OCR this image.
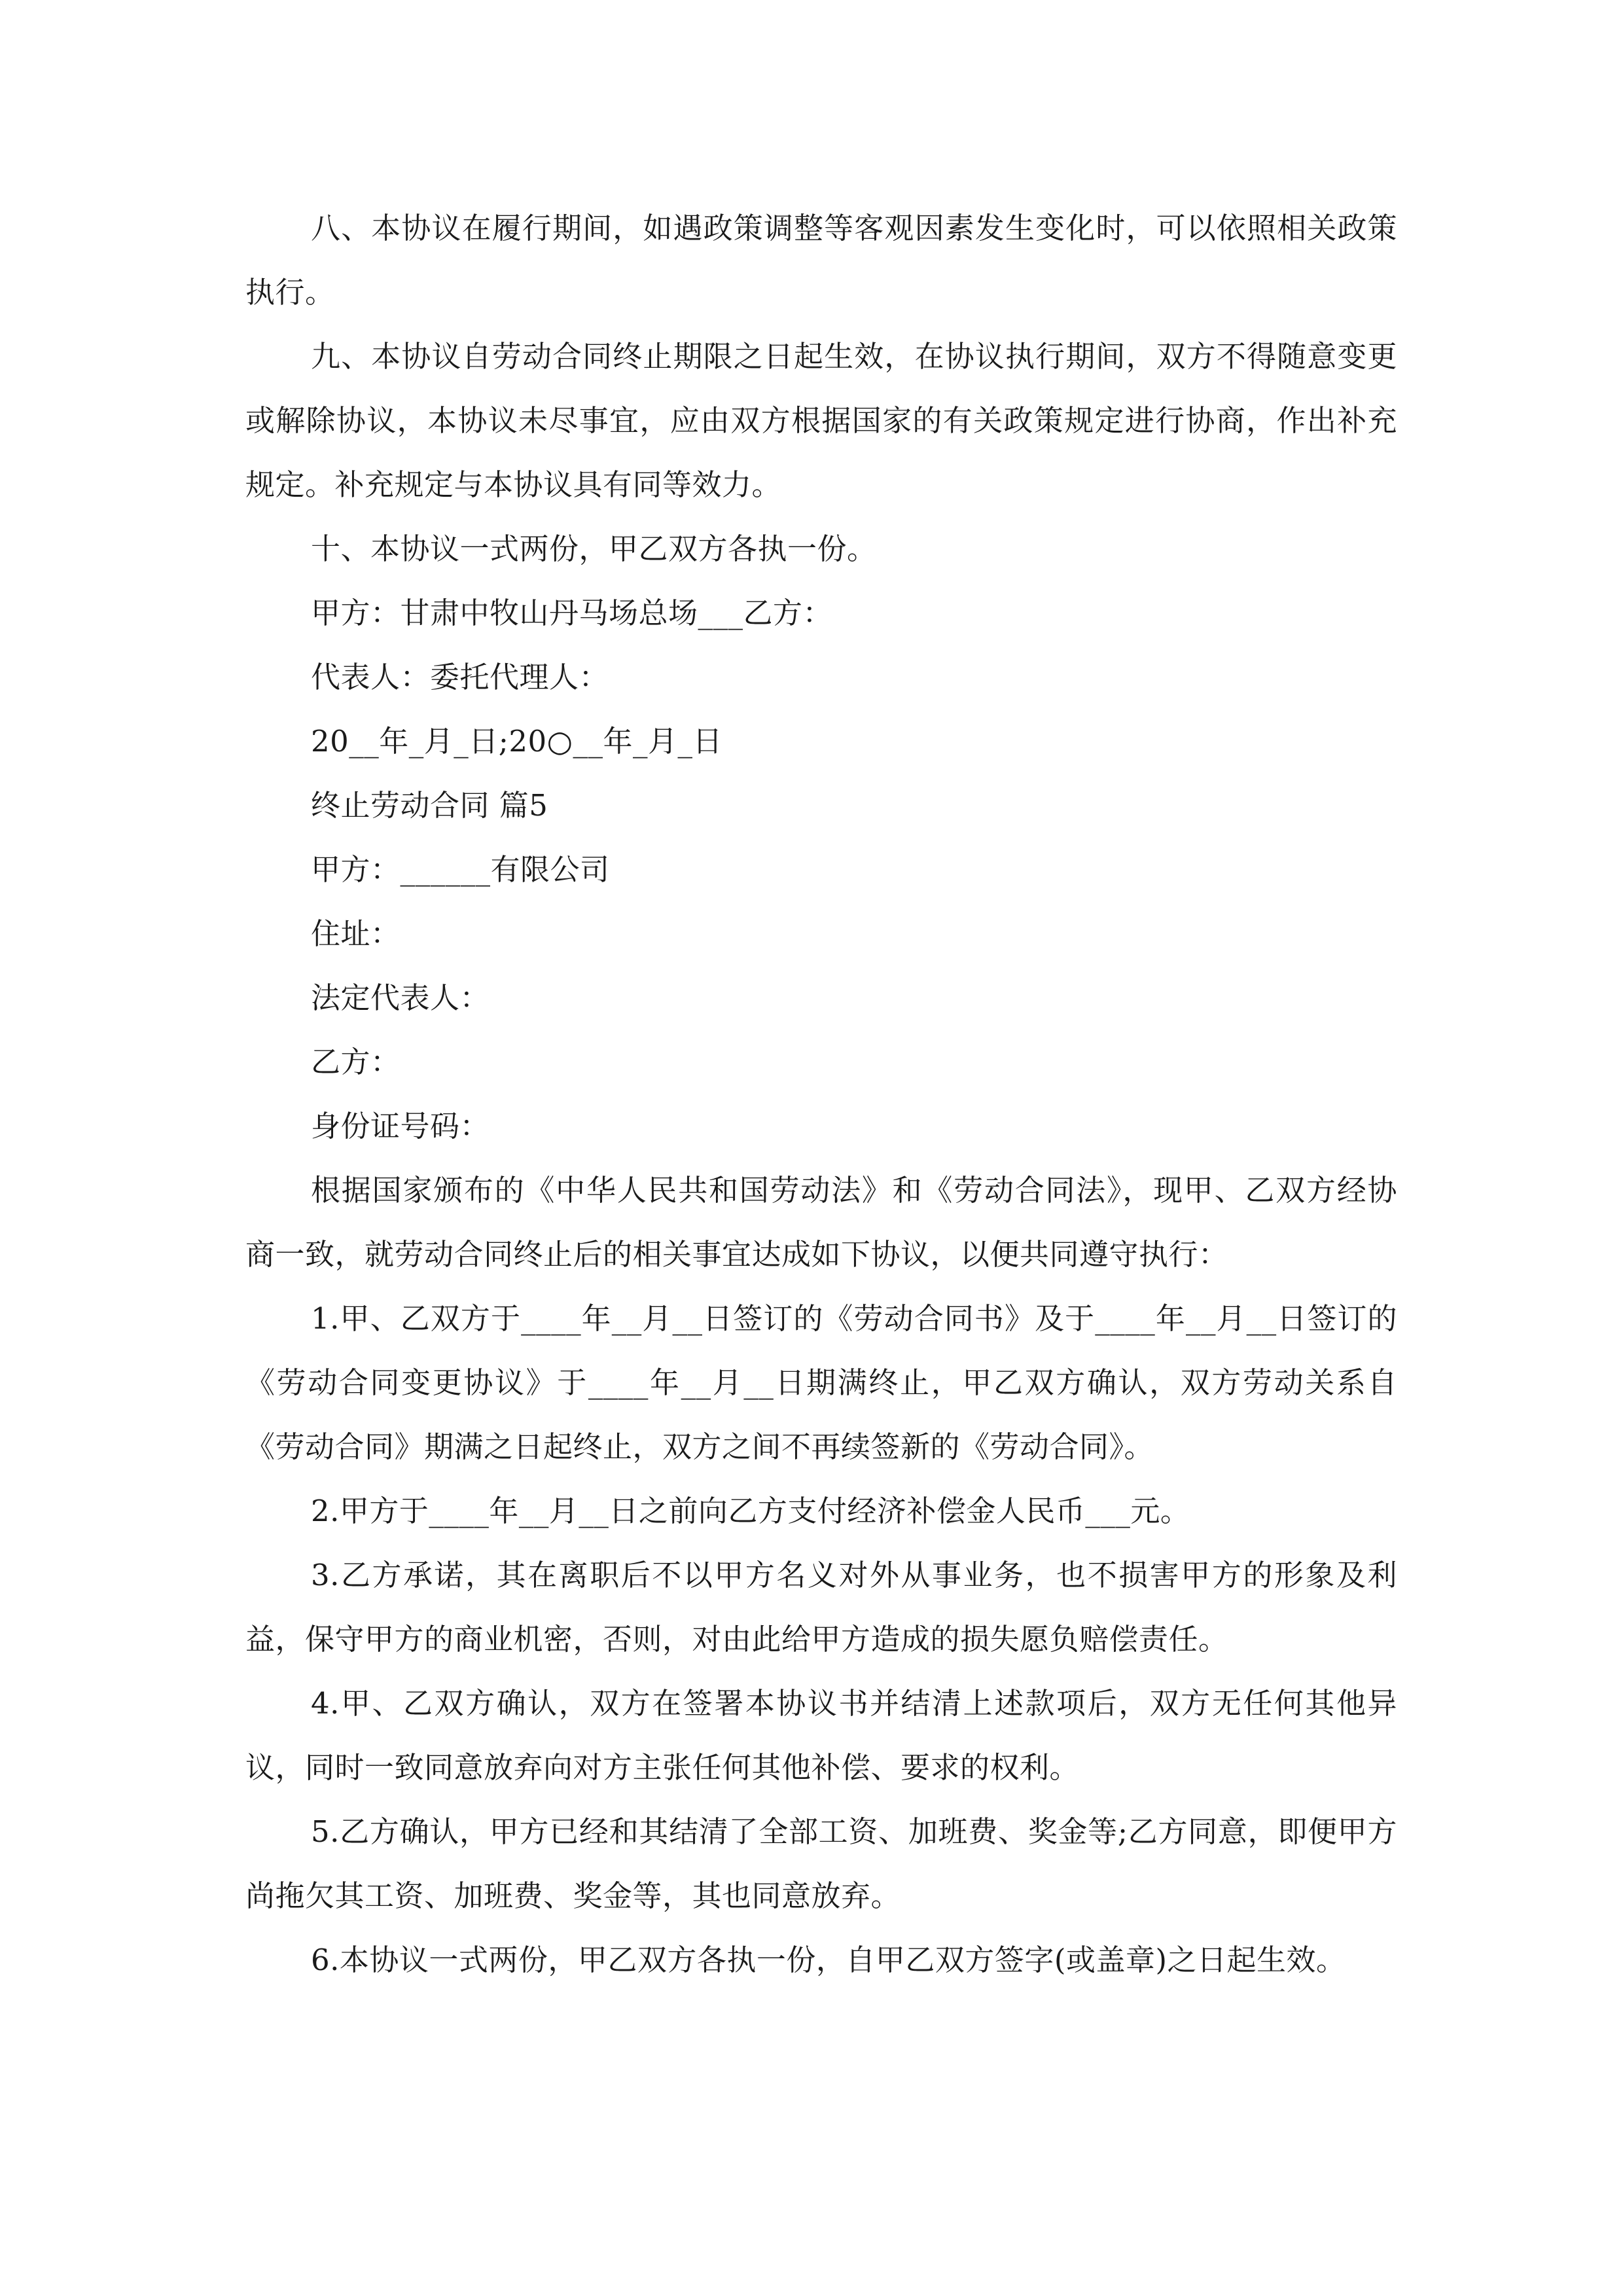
八、本协议在履行期间，如遇政策调整等客观因素发生变化时，可以依照相关政策执行。

九、本协议自劳动合同终止期限之日起生效，在协议执行期间，双方不得随意变更或解除协议，本协议未尽事宜，应由双方根据国家的有关政策规定进行协商，作出补充规定。补充规定与本协议具有同等效力。

十、本协议一式两份，甲乙双方各执一份。

甲方：甘肃中牧山丹马场总场___乙方：

代表人：委托代理人：

20__年_月_日;20○__年_月_日

终止劳动合同 篇5

甲方：______有限公司

住址：

法定代表人：

乙方：

身份证号码：

根据国家颁布的《中华人民共和国劳动法》和《劳动合同法》，现甲、乙双方经协商一致，就劳动合同终止后的相关事宜达成如下协议，以便共同遵守执行：

1.甲、乙双方于____年__月__日签订的《劳动合同书》及于____年__月__日签订的《劳动合同变更协议》于____年__月__日期满终止，甲乙双方确认，双方劳动关系自《劳动合同》期满之日起终止，双方之间不再续签新的《劳动合同》。

2.甲方于____年__月__日之前向乙方支付经济补偿金人民币___元。

3.乙方承诺，其在离职后不以甲方名义对外从事业务，也不损害甲方的形象及利益，保守甲方的商业机密，否则，对由此给甲方造成的损失愿负赔偿责任。

4.甲、乙双方确认，双方在签署本协议书并结清上述款项后，双方无任何其他异议，同时一致同意放弃向对方主张任何其他补偿、要求的权利。

5.乙方确认，甲方已经和其结清了全部工资、加班费、奖金等;乙方同意，即便甲方尚拖欠其工资、加班费、奖金等，其也同意放弃。

6.本协议一式两份，甲乙双方各执一份，自甲乙双方签字(或盖章)之日起生效。
